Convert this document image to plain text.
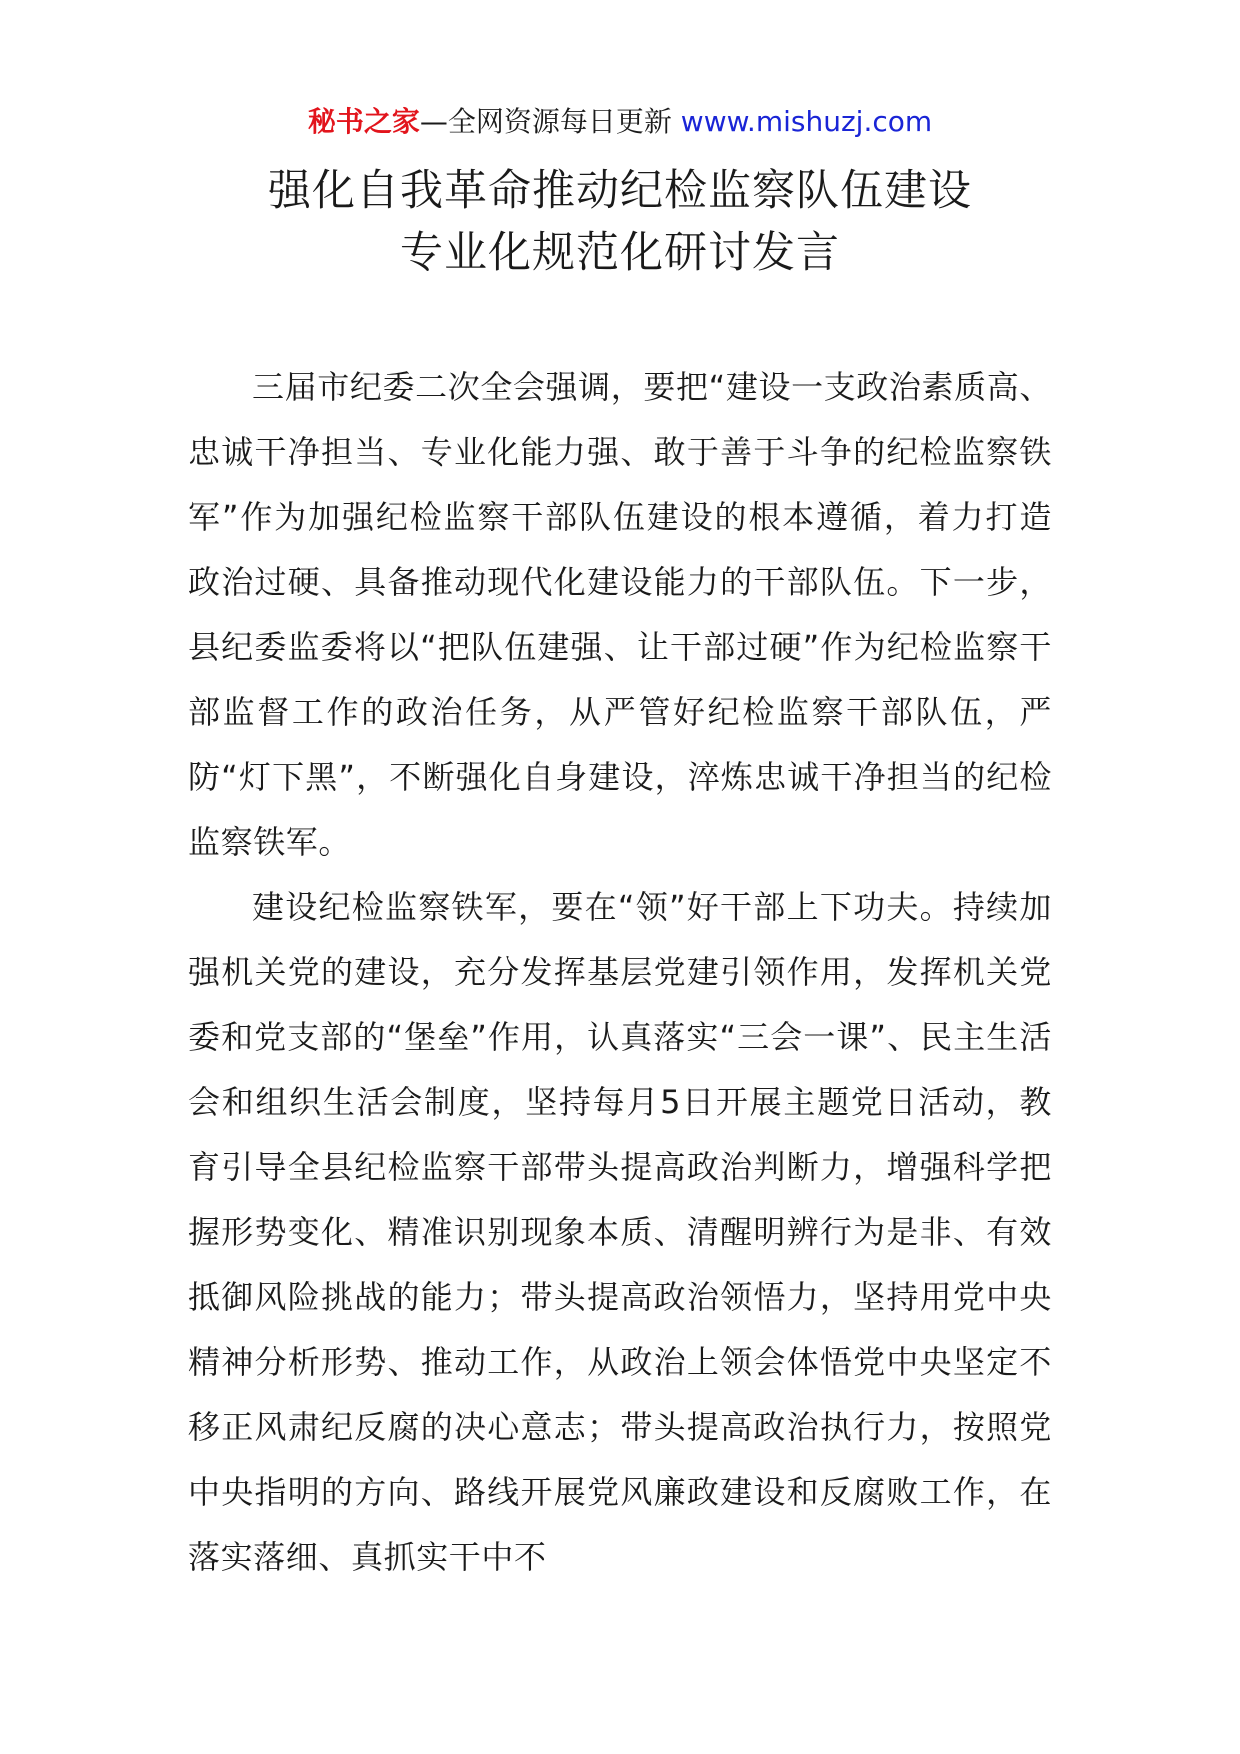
秘书之家—全网资源每日更新 www.mishuzj.com
强化自我革命推动纪检监察队伍建设
专业化规范化研讨发言

三届市纪委二次全会强调，要把“建设一支政治素质高、忠诚干净担当、专业化能力强、敢于善于斗争的纪检监察铁军”作为加强纪检监察干部队伍建设的根本遵循，着力打造政治过硬、具备推动现代化建设能力的干部队伍。下一步，县纪委监委将以“把队伍建强、让干部过硬”作为纪检监察干部监督工作的政治任务，从严管好纪检监察干部队伍，严防“灯下黑”，不断强化自身建设，淬炼忠诚干净担当的纪检监察铁军。

建设纪检监察铁军，要在“领”好干部上下功夫。持续加强机关党的建设，充分发挥基层党建引领作用，发挥机关党委和党支部的“堡垒”作用，认真落实“三会一课”、民主生活会和组织生活会制度，坚持每月5日开展主题党日活动，教育引导全县纪检监察干部带头提高政治判断力，增强科学把握形势变化、精准识别现象本质、清醒明辨行为是非、有效抵御风险挑战的能力；带头提高政治领悟力，坚持用党中央精神分析形势、推动工作，从政治上领会体悟党中央坚定不移正风肃纪反腐的决心意志；带头提高政治执行力，按照党中央指明的方向、路线开展党风廉政建设和反腐败工作，在落实落细、真抓实干中不
